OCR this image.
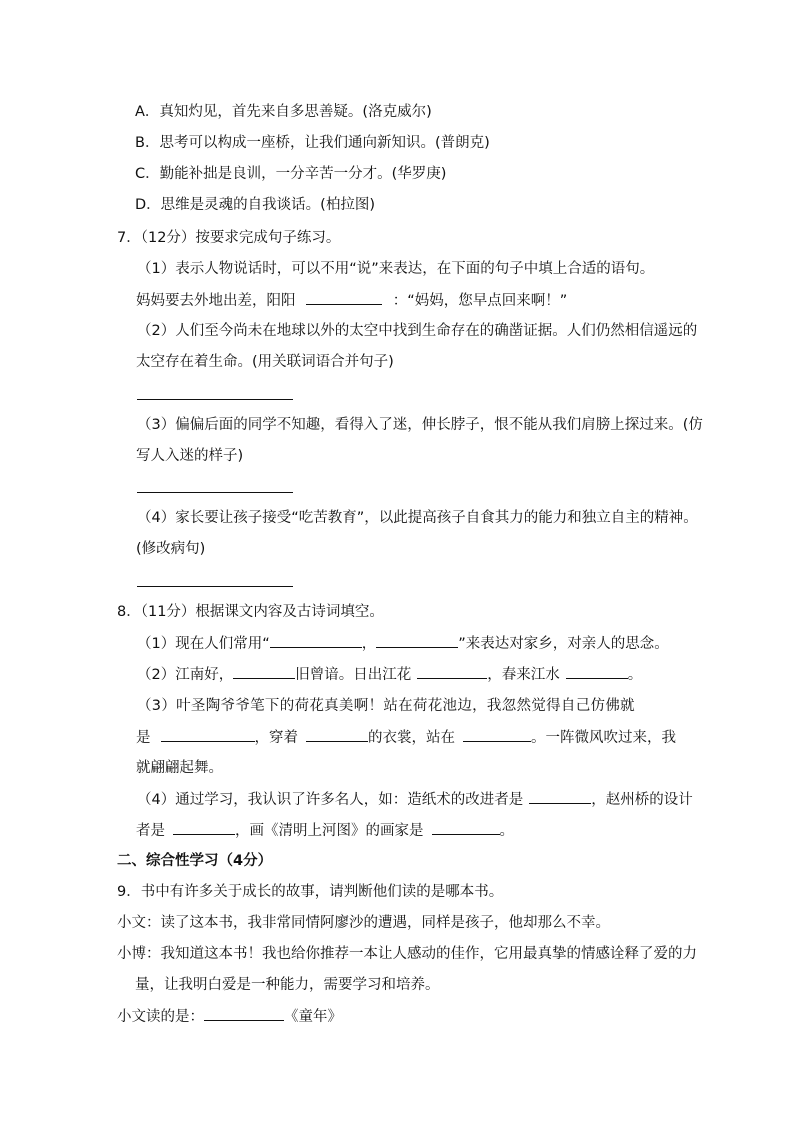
A．真知灼见，首先来自多思善疑。(洛克威尔)
B．思考可以构成一座桥，让我们通向新知识。(普朗克)
C．勤能补拙是良训，一分辛苦一分才。(华罗庚)
D．思维是灵魂的自我谈话。(柏拉图)
7．（12分）按要求完成句子练习。
（1）表示人物说话时，可以不用“说”来表达，在下面的句子中填上合适的语句。
妈妈要去外地出差，阳阳	：“妈妈，您早点回来啊！”
（2）人们至今尚未在地球以外的太空中找到生命存在的确凿证据。人们仍然相信遥远的
太空存在着生命。(用关联词语合并句子)
（3）偏偏后面的同学不知趣，看得入了迷，伸长脖子，恨不能从我们肩膀上探过来。(仿
写人入迷的样子)
（4）家长要让孩子接受“吃苦教育”，以此提高孩子自食其力的能力和独立自主的精神。
(修改病句)
8．（11分）根据课文内容及古诗词填空。
（1）现在人们常用“	，	”来表达对家乡，对亲人的思念。
（2）江南好，	旧曾谙。日出江花	，春来江水	。
（3）叶圣陶爷爷笔下的荷花真美啊！站在荷花池边，我忽然觉得自己仿佛就
是	，穿着	的衣裳，站在	。一阵微风吹过来，我
就翩翩起舞。
（4）通过学习，我认识了许多名人，如：造纸术的改进者是	，赵州桥的设计
者是	，画《清明上河图》的画家是	。
二、综合性学习（4分）
9．书中有许多关于成长的故事，请判断他们读的是哪本书。
小文：读了这本书，我非常同情阿廖沙的遭遇，同样是孩子，他却那么不幸。
小博：我知道这本书！我也给你推荐一本让人感动的佳作，它用最真挚的情感诠释了爱的力
量，让我明白爱是一种能力，需要学习和培养。
小文读的是：	《童年》
